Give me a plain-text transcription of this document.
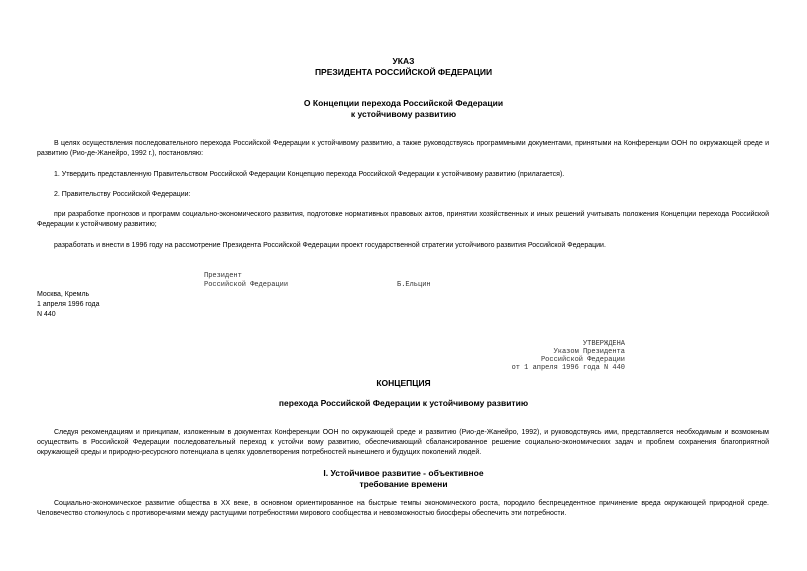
УКАЗ
ПРЕЗИДЕНТА РОССИЙСКОЙ ФЕДЕРАЦИИ
О Концепции перехода Российской Федерации
к устойчивому развитию

В целях осуществления последовательного перехода Российской Федерации к устойчивому развитию, а также руководствуясь программными документами, принятыми на Конференции ООН по окружающей среде и развитию (Рио-де-Жанейро, 1992 г.), постановляю:

1. Утвердить представленную Правительством Российской Федерации Концепцию перехода Российской Федерации к устойчивому развитию (прилагается).

2. Правительству Российской Федерации:

при разработке прогнозов и программ социально-экономического развития, подготовке нормативных правовых актов, принятии хозяйственных и иных решений учитывать положения Концепции перехода Российской Федерации к устойчивому развитию;

разработать и внести в 1996 году на рассмотрение Президента Российской Федерации проект государственной стратегии устойчивого развития Российской Федерации.

Президент
Российской Федерации	Б.Ельцин
Москва, Кремль
1 апреля 1996 года
N 440
УТВЕРЖДЕНА
Указом Президента
Российской Федерации
от 1 апреля 1996 года N 440
КОНЦЕПЦИЯ
перехода Российской Федерации к устойчивому развитию

Следуя рекомендациям и принципам, изложенным в документах Конференции ООН по окружающей среде и развитию (Рио-де-Жанейро, 1992), и руководствуясь ими, представляется необходимым и возможным осуществить в Российской Федерации последовательный переход к устойчи вому развитию, обеспечивающий сбалансированное решение социально-экономических задач и проблем сохранения благоприятной окружающей среды и природно-ресурсного потенциала в целях удовлетворения потребностей нынешнего и будущих поколений людей.

I. Устойчивое развитие - объективное
требование времени

Социально-экономическое развитие общества в XX веке, в основном ориентированное на быстрые темпы экономического роста, породило беспрецедентное причинение вреда окружающей природной среде. Человечество столкнулось с противоречиями между растущими потребностями мирового сообщества и невозможностью биосферы обеспечить эти потребности.
